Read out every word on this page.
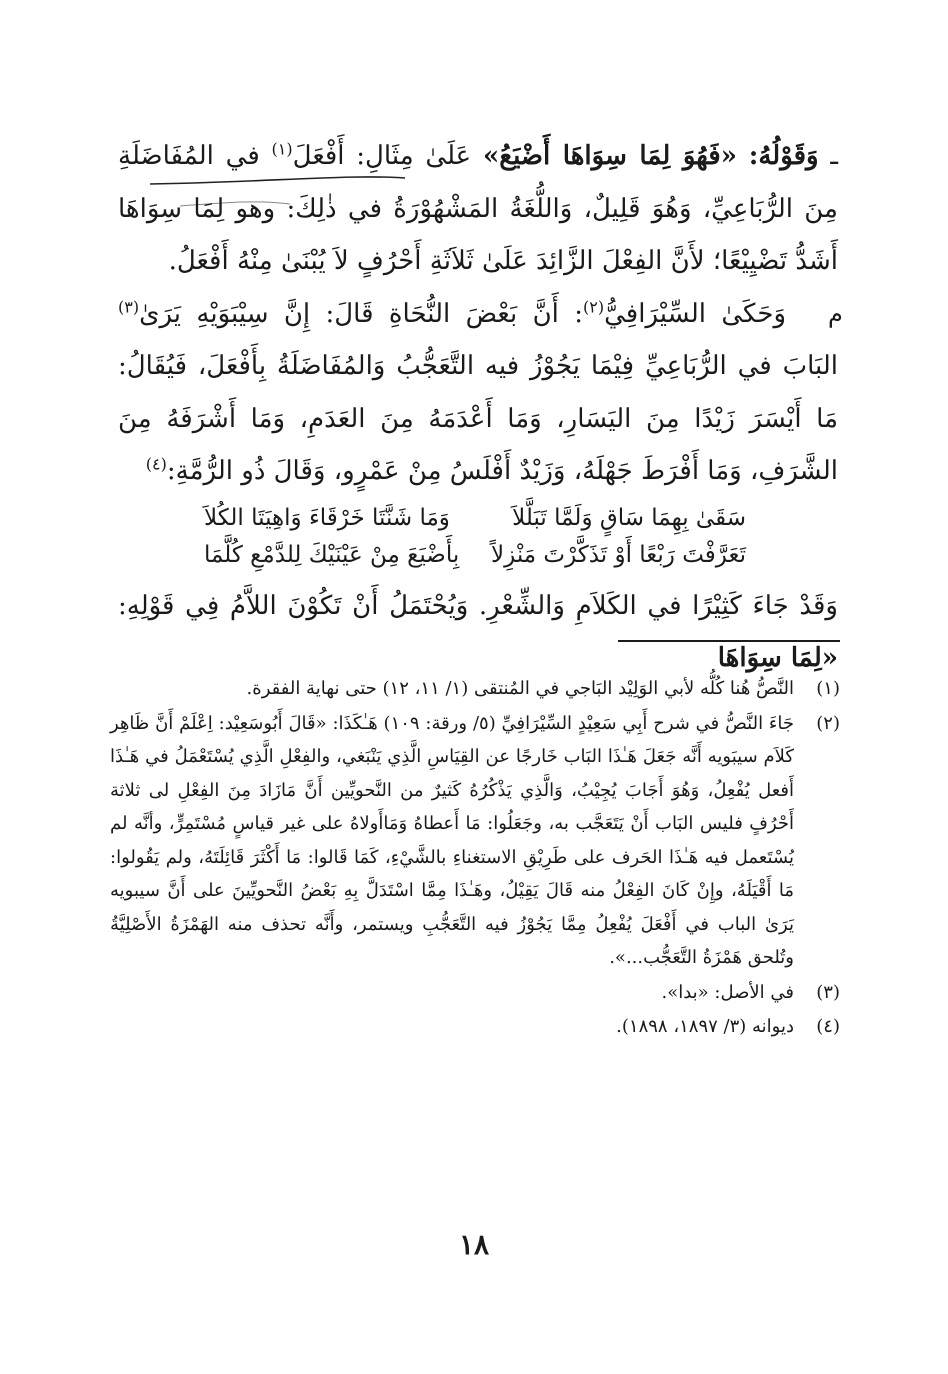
م

ـ وَقَوْلُهُ: «فَهُوَ لِمَا سِوَاهَا أَضْيَعُ» عَلَىٰ مِثَالِ: أَفْعَلَ$^{(١)}$ في المُفَاضَلَةِ مِنَ الرُّبَاعِيِّ، وَهُوَ قَلِيلٌ، وَاللُّغَةُ المَشْهُوْرَةُ في ذٰلِكَ: وهو لِمَا سِوَاهَا أَشَدُّ تَضْيِيْعًا؛ لأَنَّ الفِعْلَ الزَّائِدَ عَلَىٰ ثَلاَثَةِ أَحْرُفٍ لاَ يُبْنَىٰ مِنْهُ أَفْعَلُ.

  وَحَكَىٰ السِّيْرَافِيُّ$^{(٢)}$: أَنَّ بَعْضَ النُّحَاةِ قَالَ: إِنَّ سِيْبَوَيْهِ يَرَىٰ$^{(٣)}$ البَابَ في الرُّبَاعِيِّ فِيْمَا يَجُوْزُ فيه التَّعَجُّبُ وَالمُفَاضَلَةُ بِأَفْعَلَ، فَيُقَالُ: مَا أَيْسَرَ زَيْدًا مِنَ اليَسَارِ، وَمَا أَعْدَمَهُ مِنَ العَدَمِ، وَمَا أَشْرَفَهُ مِنَ الشَّرَفِ، وَمَا أَفْرَطَ جَهْلَهُ، وَزَيْدٌ أَفْلَسُ مِنْ عَمْرٍو، وَقَالَ ذُو الرُّمَّةِ:$^{(٤)}$

سَقَىٰ بِهِمَا سَاقٍ وَلَمَّا تَبَلَّلاَ
وَمَا شَنَّتَا خَرْقَاءَ وَاهِيَتَا الكُلاَ
تَعَرَّفْتَ رَبْعًا أَوْ تَذَكَّرْتَ مَنْزِلاً
بِأَضْيَعَ مِنْ عَيْنَيْكَ لِلدَّمْعِ كُلَّمَا

وَقَدْ جَاءَ كَثِيْرًا في الكَلاَمِ وَالشِّعْرِ. وَيُحْتَمَلُ أَنْ تَكُوْنَ اللاَّمُ فِي قَوْلِهِ: «لِمَا سِوَاهَا

(١)
النَّصُّ هُنا كُلُّه لأبي الوَلِيْد البَاجي في المُنتقى (١/ ١١، ١٢) حتى نهاية الفقرة.
(٢)
جَاءَ النَّصُّ في شرح أَبِي سَعِيْدٍ السِّيْرَافِيِّ (٥/ ورقة: ١٠٩) هَـٰكَذَا: «قَالَ أَبُوسَعِيْد: اِعْلَمْ أَنَّ ظَاهِر كَلاَم سيبَويه أَنَّه جَعَلَ هَـٰذَا البَاب خَارجًا عن القِيَاسِ الَّذِي يَنْبَغي، والفِعْلِ الَّذِي يُسْتَعْمَلُ في هَـٰذَا أَفعل يُفْعِلُ، وَهُوَ أَجَابَ يُجِيْبُ، وَالَّذِي يَذْكُرُهُ كَثيرٌ من النَّحويِّين أَنَّ مَازَادَ مِنَ الفِعْلِ لى ثلاثة أَحْرُفٍ فليس البَاب أَنْ يَتَعَجَّب به، وجَعَلُوا: مَا أَعطاهُ وَمَاأَولاهُ على غير قياسٍ مُسْتَمِرٍّ، وأنَّه لم يُسْتَعمل فيه هَـٰذَا الحَرف على طَرِيْقِ الاستغناءِ بالشَّيْءِ، كَمَا قَالوا: مَا أَكْثَرَ قَائِلَتَهُ، ولم يَقُولوا: مَا أَقْيَلَهُ، وإِنْ كَانَ الفِعْلُ منه قَالَ يَقِيْلُ، وهَـٰذَا مِمَّا اسْتَدَلَّ بِهِ بَعْضُ النَّحويِّينَ على أَنَّ سيبويه يَرَىٰ الباب في أَفْعَلَ يُفْعِلُ مِمَّا يَجُوْزُ فيه التَّعَجُّبِ ويستمر، وأَنَّه تحذف منه الهَمْزَةُ الأَصْلِيَّةُ وتُلحق هَمْزَةُ التَّعَجُّب...».
(٣)
في الأصل: «بدا».
(٤)
ديوانه (٣/ ١٨٩٧، ١٨٩٨).
١٨
